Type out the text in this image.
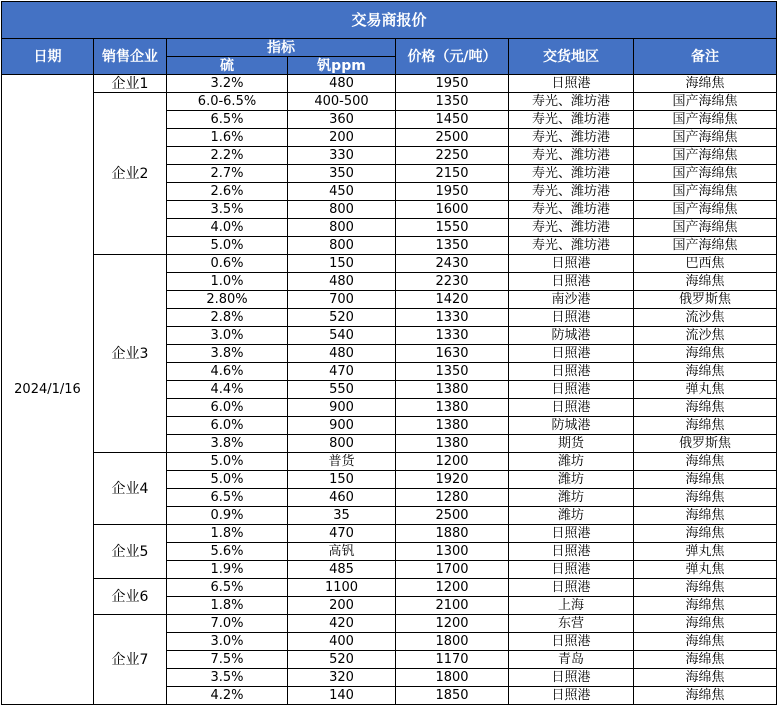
交易商报价						
日期	销售企业	指标		价格（元/吨）	交货地区	备注
		硫	钒ppm			
2024/1/16	企业1	3.2%	480	1950	日照港	海绵焦
	企业2	6.0-6.5%	400-500	1350	寿光、潍坊港	国产海绵焦
		6.5%	360	1450	寿光、潍坊港	国产海绵焦
		1.6%	200	2500	寿光、潍坊港	国产海绵焦
		2.2%	330	2250	寿光、潍坊港	国产海绵焦
		2.7%	350	2150	寿光、潍坊港	国产海绵焦
		2.6%	450	1950	寿光、潍坊港	国产海绵焦
		3.5%	800	1600	寿光、潍坊港	国产海绵焦
		4.0%	800	1550	寿光、潍坊港	国产海绵焦
		5.0%	800	1350	寿光、潍坊港	国产海绵焦
	企业3	0.6%	150	2430	日照港	巴西焦
		1.0%	480	2230	日照港	海绵焦
		2.80%	700	1420	南沙港	俄罗斯焦
		2.8%	520	1330	日照港	流沙焦
		3.0%	540	1330	防城港	流沙焦
		3.8%	480	1630	日照港	海绵焦
		4.6%	470	1350	日照港	海绵焦
		4.4%	550	1380	日照港	弹丸焦
		6.0%	900	1380	日照港	海绵焦
		6.0%	900	1380	防城港	海绵焦
		3.8%	800	1380	期货	俄罗斯焦
	企业4	5.0%	普货	1200	潍坊	海绵焦
		5.0%	150	1920	潍坊	海绵焦
		6.5%	460	1280	潍坊	海绵焦
		0.9%	35	2500	潍坊	海绵焦
	企业5	1.8%	470	1880	日照港	海绵焦
		5.6%	高钒	1300	日照港	弹丸焦
		1.9%	485	1700	日照港	弹丸焦
	企业6	6.5%	1100	1200	日照港	海绵焦
		1.8%	200	2100	上海	海绵焦
	企业7	7.0%	420	1200	东营	海绵焦
		3.0%	400	1800	日照港	海绵焦
		7.5%	520	1170	青岛	海绵焦
		3.5%	320	1800	日照港	海绵焦
		4.2%	140	1850	日照港	海绵焦
